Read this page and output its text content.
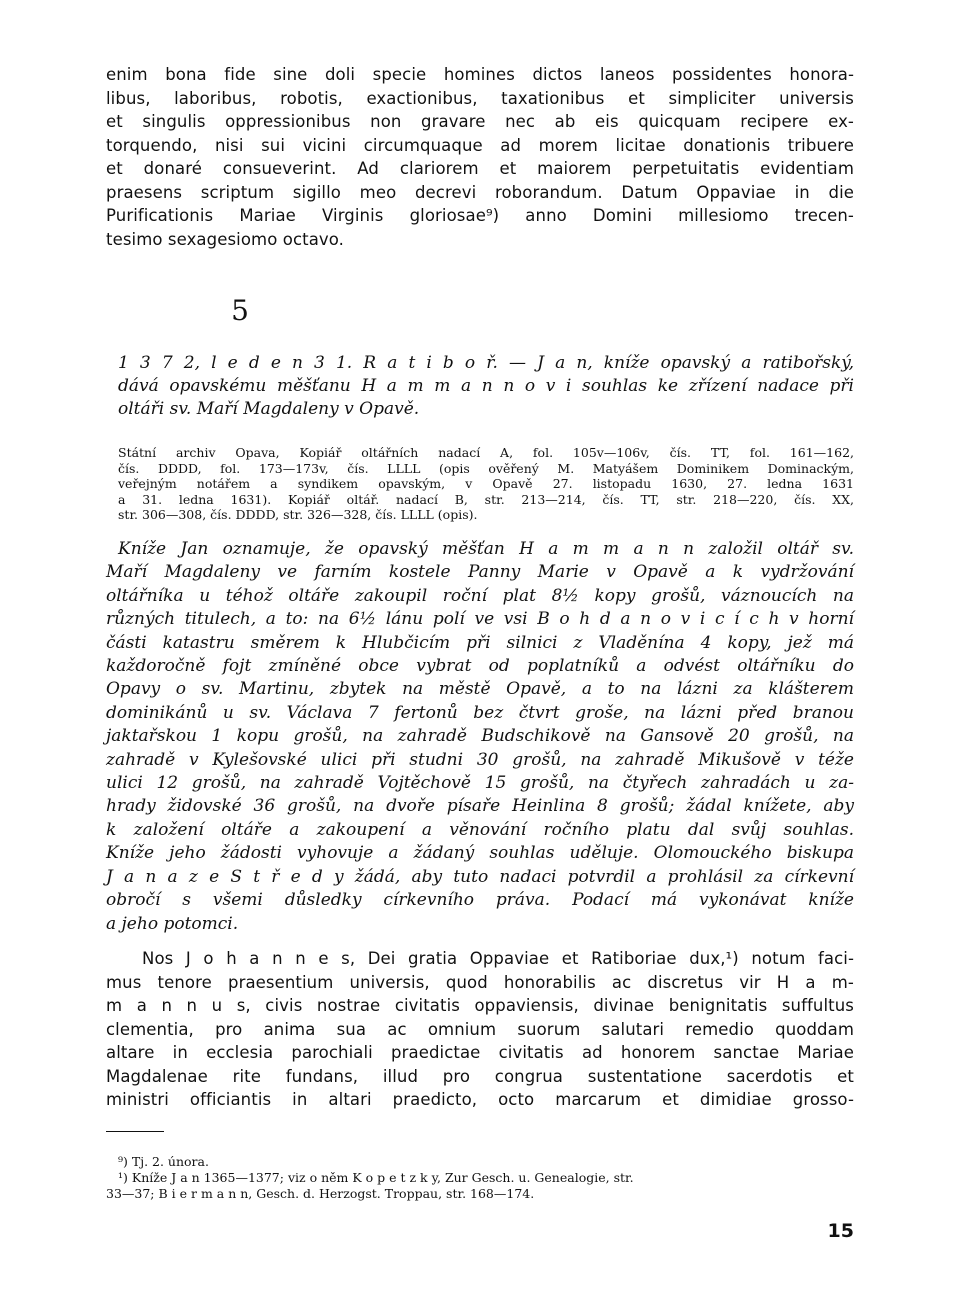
enim bona fide sine doli specie homines dictos laneos possidentes honora-
libus, laboribus, robotis, exactionibus, taxationibus et simpliciter universis
et singulis oppressionibus non gravare nec ab eis quicquam recipere ex-
torquendo, nisi sui vicini circumquaque ad morem licitae donationis tribuere
et donaré consueverint. Ad clariorem et maiorem perpetuitatis evidentiam
praesens scriptum sigillo meo decrevi roborandum. Datum Oppaviae in die
Purificationis Mariae Virginis gloriosae⁹) anno Domini millesiomo trecen-
tesimo sexagesiomo octavo.
5
1 3 7 2, l e d e n 3 1. R a t i b o ř. — J a n, kníže opavský a ratibořský,
dává opavskému měšťanu H a m m a n n o v i souhlas ke zřízení nadace při
oltáři sv. Maří Magdaleny v Opavě.
Státní archiv Opava, Kopiář oltářních nadací A, fol. 105v—106v, čís. TT, fol. 161—162,
čís. DDDD, fol. 173—173v, čís. LLLL (opis ověřený M. Matyášem Dominikem Dominackým,
veřejným notářem a syndikem opavským, v Opavě 27. listopadu 1630, 27. ledna 1631
a 31. ledna 1631). Kopiář oltář. nadací B, str. 213—214, čís. TT, str. 218—220, čís. XX,
str. 306—308, čís. DDDD, str. 326—328, čís. LLLL (opis).
Kníže Jan oznamuje, že opavský měšťan H a m m a n n založil oltář sv.
Maří Magdaleny ve farním kostele Panny Marie v Opavě a k vydržování
oltářníka u téhož oltáře zakoupil roční plat 8½ kopy grošů, váznoucích na
různých titulech, a to: na 6½ lánu polí ve vsi B o h d a n o v i c í c h v horní
části katastru směrem k Hlubčicím při silnici z Vladěnína 4 kopy, jež má
každoročně fojt zmíněné obce vybrat od poplatníků a odvést oltářníku do
Opavy o sv. Martinu, zbytek na městě Opavě, a to na lázni za klášterem
dominikánů u sv. Václava 7 fertonů bez čtvrt groše, na lázni před branou
jaktařskou 1 kopu grošů, na zahradě Budschikově na Gansově 20 grošů, na
zahradě v Kylešovské ulici při studni 30 grošů, na zahradě Mikušově v téže
ulici 12 grošů, na zahradě Vojtěchově 15 grošů, na čtyřech zahradách u za-
hrady židovské 36 grošů, na dvoře písaře Heinlina 8 grošů; žádal knížete, aby
k založení oltáře a zakoupení a věnování ročního platu dal svůj souhlas.
Kníže jeho žádosti vyhovuje a žádaný souhlas uděluje. Olomouckého biskupa
J a n a z e S t ř e d y žádá, aby tuto nadaci potvrdil a prohlásil za církevní
obročí s všemi důsledky církevního práva. Podací má vykonávat kníže
a jeho potomci.
Nos J o h a n n e s, Dei gratia Oppaviae et Ratiboriae dux,¹) notum faci-
mus tenore praesentium universis, quod honorabilis ac discretus vir H a m-
m a n n u s, civis nostrae civitatis oppaviensis, divinae benignitatis suffultus
clementia, pro anima sua ac omnium suorum salutari remedio quoddam
altare in ecclesia parochiali praedictae civitatis ad honorem sanctae Mariae
Magdalenae rite fundans, illud pro congrua sustentatione sacerdotis et
ministri officiantis in altari praedicto, octo marcarum et dimidiae grosso-
⁹) Tj. 2. února.
¹) Kníže J a n 1365—1377; viz o něm K o p e t z k y, Zur Gesch. u. Genealogie, str.
33—37; B i e r m a n n, Gesch. d. Herzogst. Troppau, str. 168—174.
15
